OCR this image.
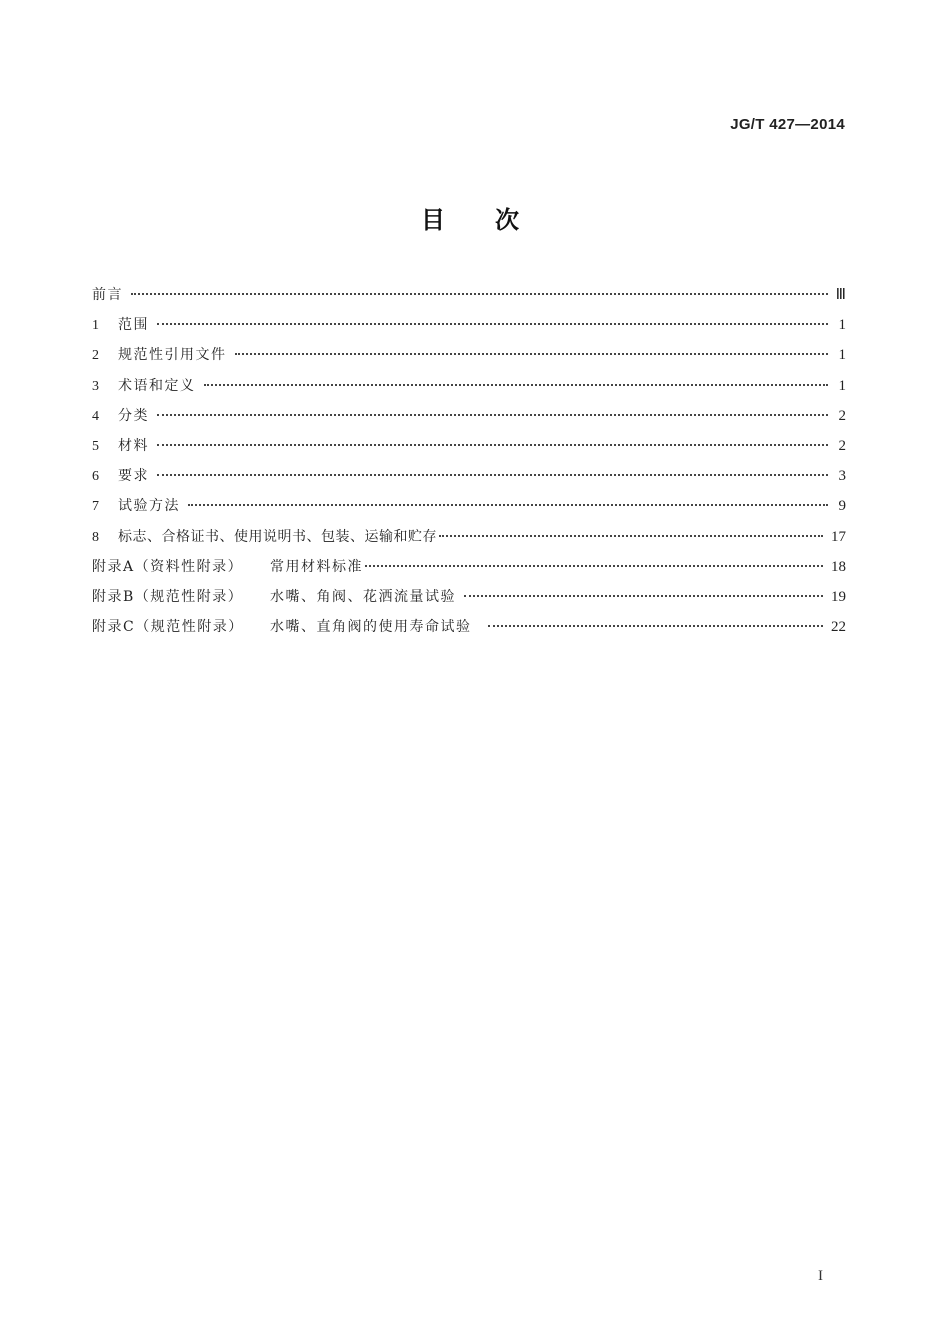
JG/T 427—2014
目次
前言	Ⅲ
1	范围	1
2	规范性引用文件	1
3	术语和定义	1
4	分类	2
5	材料	2
6	要求	3
7	试验方法	9
8	标志、合格证书、使用说明书、包装、运输和贮存	17
附录A（资料性附录）	常用材料标准	18
附录B（规范性附录）	水嘴、角阀、花洒流量试验	19
附录C（规范性附录）	水嘴、直角阀的使用寿命试验	22
I
